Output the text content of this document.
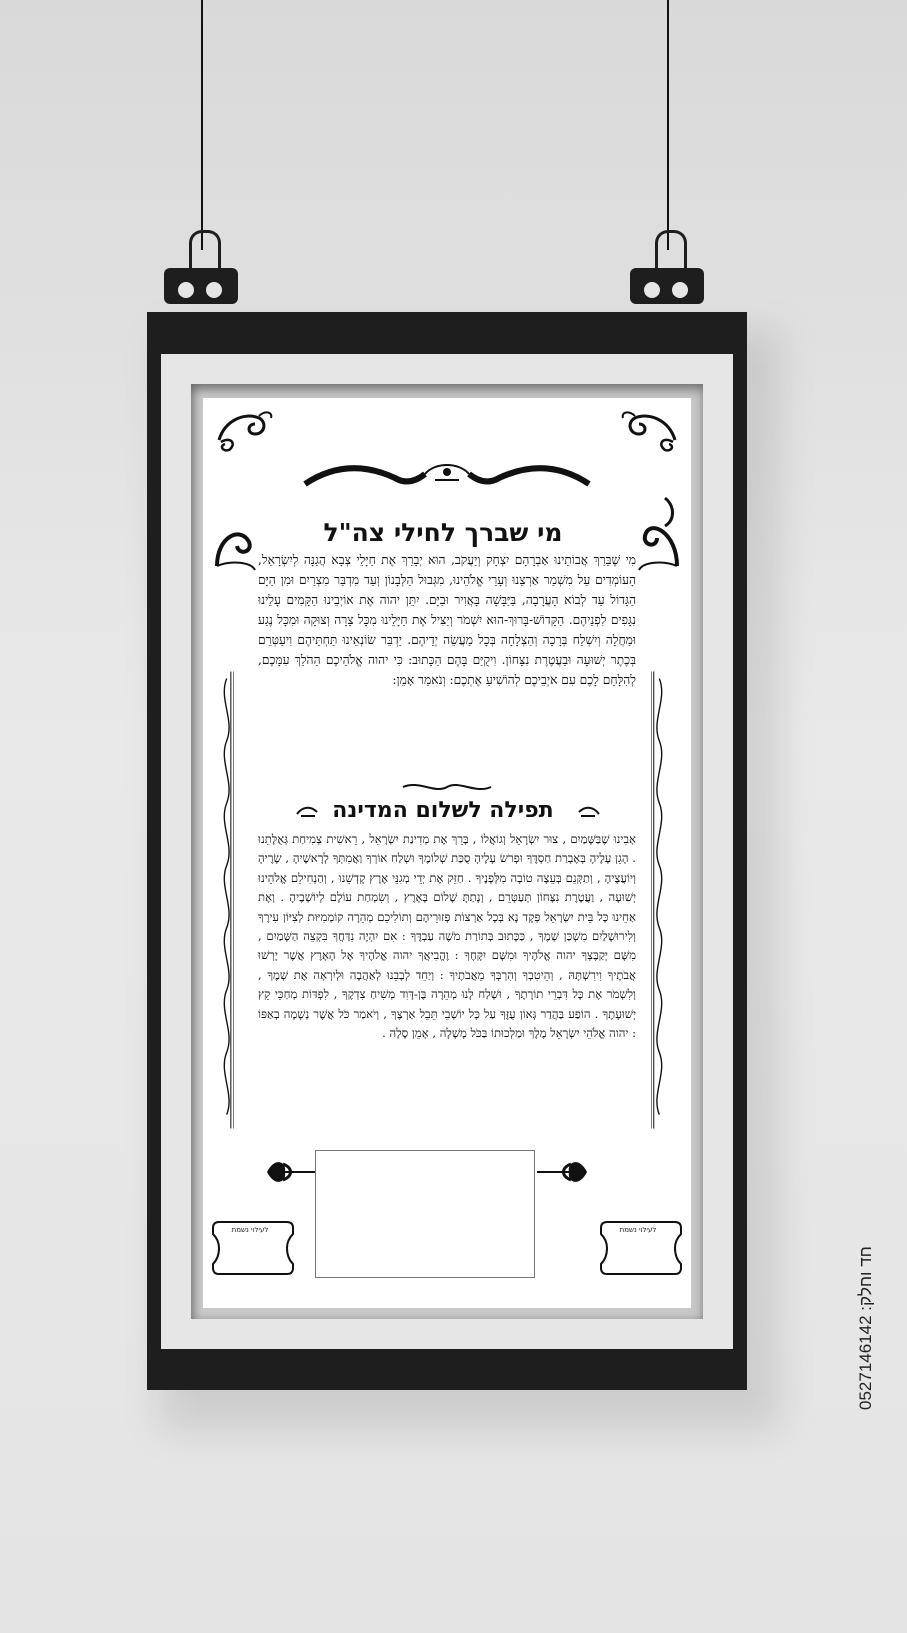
מי שברך לחילי צה"ל
מִי שֶׁבֵּרַךְ אֲבוֹתֵינוּ אַבְרָהָם יִצְחָק וְיַעֲקֹב, הוּא יְבָרֵךְ אֶת חַיָּלֵי צְבָא הֲגַנָּה לְיִשְׂרָאֵל, הָעוֹמְדִים עַל מִשְׁמַר אַרְצֵנוּ וְעָרֵי אֱלֹהֵינוּ, מִגְּבוּל הַלְּבָנוֹן וְעַד מִדְבַּר מִצְרַיִם וּמִן הַיָּם הַגָּדוֹל עַד לְבוֹא הָעֲרָבָה, בַּיַּבָּשָׁה בָּאֲוִיר וּבַיָּם. יִתֵּן יהוה אֶת אוֹיְבֵינוּ הַקָּמִים עָלֵינוּ נִגָּפִים לִפְנֵיהֶם. הַקָּדוֹשׁ-בָּרוּךְ-הוּא יִשְׁמֹר וְיַצִּיל אֶת חַיָּלֵינוּ מִכָּל צָרָה וְצוּקָה וּמִכָּל נֶגַע וּמַחֲלָה וְיִשְׁלַח בְּרָכָה וְהַצְלָחָה בְּכָל מַעֲשֵׂה יְדֵיהֶם. יַדְבֵּר שׂוֹנְאֵינוּ תַּחְתֵּיהֶם וִיעַטְּרֵם בְּכֶתֶר יְשׁוּעָה וּבַעֲטֶרֶת נִצָּחוֹן. וִיקֻיַּם בָּהֶם הַכָּתוּב: כִּי יהוה אֱלֹהֵיכֶם הַהֹלֵךְ עִמָּכֶם, לְהִלָּחֵם לָכֶם עִם אֹיְבֵיכֶם לְהוֹשִׁיעַ אֶתְכֶם: וְנֹאמַר אָמֵן:
תפילה לשלום המדינה
אָבִינוּ שֶׁבַּשָּׁמַיִם , צוּר יִשְׂרָאֵל וְגוֹאֲלוֹ , בָּרֵךְ אֶת מְדִינַת יִשְׂרָאֵל , רֵאשִׁית צְמִיחַת גְּאֻלָּתֵנוּ . הָגֵן עָלֶיהָ בְּאֶבְרַת חַסְדֶּךָ וּפְרֹשׂ עָלֶיהָ סֻכַּת שְׁלוֹמֶךָ וּשְׁלַח אוֹרְךָ וַאֲמִתְּךָ לְרָאשֶׁיהָ , שָׂרֶיהָ וְיוֹעֲצֶיהָ , וְתַקְּנֵם בְּעֵצָה טוֹבָה מִלְּפָנֶיךָ . חַזֵּק אֶת יְדֵי מְגִנֵּי אֶרֶץ קָדְשֵׁנוּ , וְהַנְחִילֵם אֱלֹהֵינוּ יְשׁוּעָה , וַעֲטֶרֶת נִצָּחוֹן תְּעַטְּרֵם , וְנָתַתָּ שָׁלוֹם בָּאָרֶץ , וְשִׂמְחַת עוֹלָם לְיוֹשְׁבֶיהָ . וְאֶת אַחֵינוּ כָּל בֵּית יִשְׂרָאֵל פְּקָד נָא בְּכָל אַרְצוֹת פְּזוּרֵיהֶם וְתוֹלִיכֵם מְהֵרָה קוֹמְמִיּוּת לְצִיּוֹן עִירֶךָ וְלִירוּשָׁלַיִם מִשְׁכַּן שְׁמֶךָ , כַּכָּתוּב בְּתוֹרַת מֹשֶׁה עַבְדֶּךָ : אִם יִהְיֶה נִדַּחֲךָ בִּקְצֵה הַשָּׁמַיִם , מִשָּׁם יְקַבֶּצְךָ יהוה אֱלֹהֶיךָ וּמִשָּׁם יִקָּחֶךָ : וֶהֱבִיאֲךָ יהוה אֱלֹהֶיךָ אֶל הָאָרֶץ אֲשֶׁר יָרְשׁוּ אֲבֹתֶיךָ וִירִשְׁתָּהּ , וְהֵיטִבְךָ וְהִרְבְּךָ מֵאֲבֹתֶיךָ : וְיַחֵד לְבָבֵנוּ לְאַהֲבָה וּלְיִרְאָה אֶת שְׁמֶךָ , וְלִשְׁמֹר אֶת כָּל דִּבְרֵי תוֹרָתֶךָ , וּשְׁלַח לָנוּ מְהֵרָה בֶּן-דָּוִד מְשִׁיחַ צִדְקֶךָ , לִפְדּוֹת מְחַכֵּי קֵץ יְשׁוּעָתֶךָ . הוֹפַע בַּהֲדַר גְּאוֹן עֻזֶּךָ עַל כָּל יוֹשְׁבֵי תֵּבֵל אַרְצֶךָ , וְיֹאמַר כֹּל אֲשֶׁר נְשָׁמָה בְאַפּוֹ : יהוה אֱלֹהֵי יִשְׂרָאֵל מֶלֶךְ וּמַלְכוּתוֹ בַּכֹּל מָשָׁלָה , אָמֵן סֶלָה .
לעילוי נשמת	לעילוי נשמת
חד וחלק: 0527146142
